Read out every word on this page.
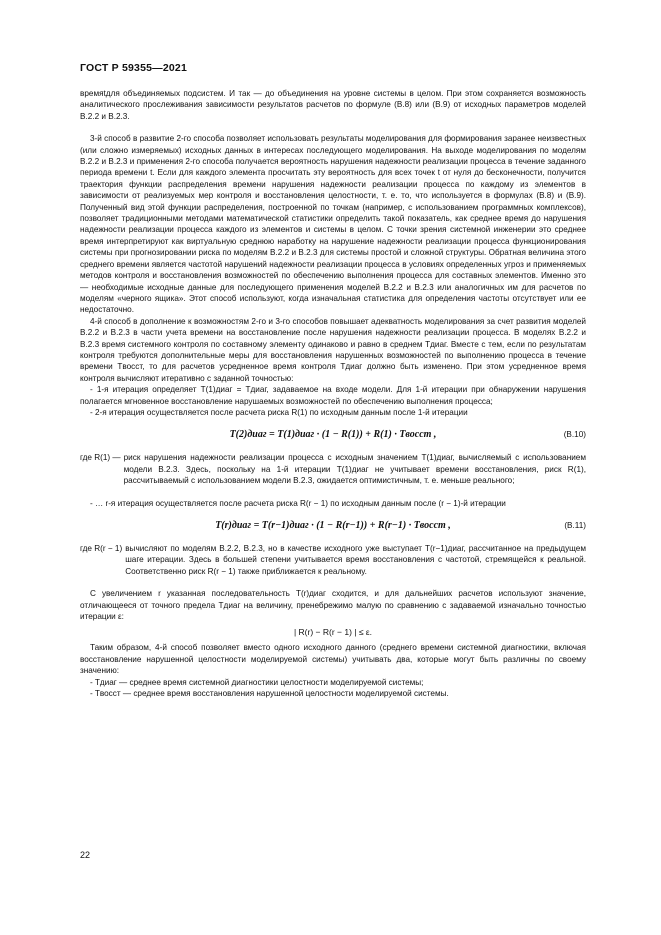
ГОСТ Р 59355—2021

времяtдля объединяемых подсистем. И так — до объединения на уровне системы в целом. При этом сохраняется возможность аналитического прослеживания зависимости результатов расчетов по формуле (В.8) или (В.9) от исходных параметров моделей В.2.2 и В.2.3.

3-й способ в развитие 2-го способа позволяет использовать результаты моделирования для формирования заранее неизвестных (или сложно измеряемых) исходных данных в интересах последующего моделирования. На выходе моделирования по моделям В.2.2 и В.2.3 и применения 2-го способа получается вероятность нарушения надежности реализации процесса в течение заданного периода времени t. Если для каждого элемента просчитать эту вероятность для всех точек t от нуля до бесконечности, получится траектория функции распределения времени нарушения надежности реализации процесса по каждому из элементов в зависимости от реализуемых мер контроля и восстановления целостности, т. е. то, что используется в формулах (В.8) и (В.9). Полученный вид этой функции распределения, построенной по точкам (например, с использованием программных комплексов), позволяет традиционными методами математической статистики определить такой показатель, как среднее время до нарушения надежности реализации процесса каждого из элементов и системы в целом. С точки зрения системной инженерии это среднее время интерпретируют как виртуальную среднюю наработку на нарушение надежности реализации процесса функционирования системы при прогнозировании риска по моделям В.2.2 и В.2.3 для системы простой и сложной структуры. Обратная величина этого среднего времени является частотой нарушений надежности реализации процесса в условиях определенных угроз и применяемых методов контроля и восстановления возможностей по обеспечению выполнения процесса для составных элементов. Именно это — необходимые исходные данные для последующего применения моделей В.2.2 и В.2.3 или аналогичных им для расчетов по моделям «черного ящика». Этот способ используют, когда изначальная статистика для определения частоты отсутствует или ее недостаточно.

4-й способ в дополнение к возможностям 2-го и 3-го способов повышает адекватность моделирования за счет развития моделей В.2.2 и В.2.3 в части учета времени на восстановление после нарушения надежности реализации процесса. В моделях В.2.2 и В.2.3 время системного контроля по составному элементу одинаково и равно в среднем Tдиаг. Вместе с тем, если по результатам контроля требуются дополнительные меры для восстановления нарушенных возможностей по выполнению процесса в течение времени Tвосст, то для расчетов усредненное время контроля Tдиаг должно быть изменено. При этом усредненное время контроля вычисляют итеративно с заданной точностью:

- 1-я итерация определяет T(1)диаг = Tдиаг, задаваемое на входе модели. Для 1-й итерации при обнаружении нарушения полагается мгновенное восстановление нарушаемых возможностей по обеспечению выполнения процесса;

- 2-я итерация осуществляется после расчета риска R(1) по исходным данным после 1-й итерации

T(2)диаг = T(1)диаг · (1 − R(1)) + R(1) · Tвосст ,	(В.10)
где R(1) — риск нарушения надежности реализации процесса с исходным значением T(1)диаг, вычисляемый с использованием модели В.2.3. Здесь, поскольку на 1-й итерации T(1)диаг не учитывает времени восстановления, риск R(1), рассчитываемый с использованием модели В.2.3, ожидается оптимистичным, т. е. меньше реального;

- … r-я итерация осуществляется после расчета риска R(r − 1) по исходным данным после (r − 1)-й итерации

T(r)диаг = T(r−1)диаг · (1 − R(r−1)) + R(r−1) · Tвосст ,	(В.11)
где R(r − 1) вычисляют по моделям В.2.2, В.2.3, но в качестве исходного уже выступает T(r−1)диаг, рассчитанное на предыдущем шаге итерации. Здесь в большей степени учитывается время восстановления с частотой, стремящейся к реальной. Соответственно риск R(r − 1) также приближается к реальному.

С увеличением r указанная последовательность T(r)диаг сходится, и для дальнейших расчетов используют значение, отличающееся от точного предела Tдиаг на величину, пренебрежимо малую по сравнению с задаваемой изначально точностью итерации ε:

| R(r) − R(r − 1) | ≤ ε.

Таким образом, 4-й способ позволяет вместо одного исходного данного (среднего времени системной диагностики, включая восстановление нарушенной целостности моделируемой системы) учитывать два, которые могут быть различны по своему значению:

- Tдиаг — среднее время системной диагностики целостности моделируемой системы;

- Tвосст — среднее время восстановления нарушенной целостности моделируемой системы.

22
